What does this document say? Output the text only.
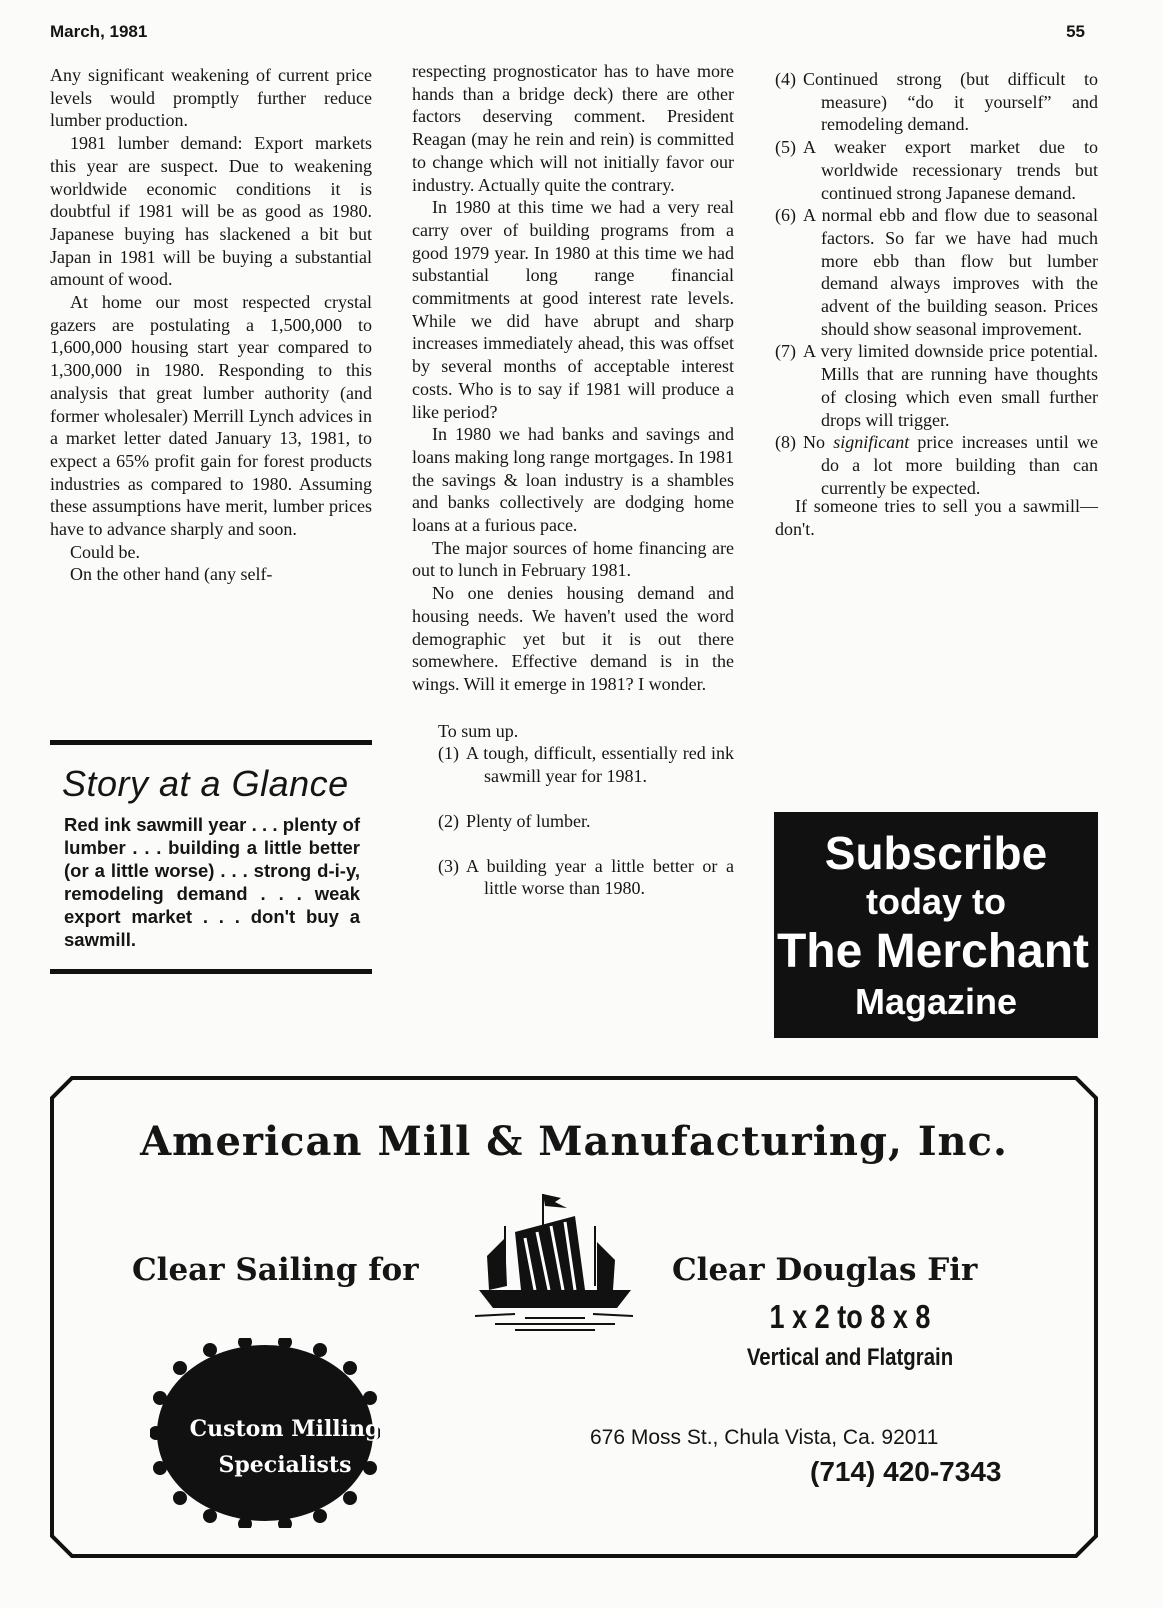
March, 1981	55

Any significant weakening of current price levels would promptly further reduce lumber production.

1981 lumber demand: Export markets this year are suspect. Due to weakening worldwide economic conditions it is doubtful if 1981 will be as good as 1980. Japanese buying has slackened a bit but Japan in 1981 will be buying a substantial amount of wood.

At home our most respected crystal gazers are postulating a 1,500,000 to 1,600,000 housing start year compared to 1,300,000 in 1980. Responding to this analysis that great lumber authority (and former wholesaler) Merrill Lynch advices in a market letter dated January 13, 1981, to expect a 65% profit gain for forest products industries as compared to 1980. Assuming these assumptions have merit, lumber prices have to advance sharply and soon.

Could be.

On the other hand (any self-

Story at a Glance
Red ink sawmill year . . . plenty of lumber . . . building a little better (or a little worse) . . . strong d-i-y, remodeling demand . . . weak export market . . . don't buy a sawmill.

respecting prognosticator has to have more hands than a bridge deck) there are other factors deserving comment. President Reagan (may he rein and rein) is committed to change which will not initially favor our industry. Actually quite the contrary.

In 1980 at this time we had a very real carry over of building programs from a good 1979 year. In 1980 at this time we had substantial long range financial commitments at good interest rate levels. While we did have abrupt and sharp increases immediately ahead, this was offset by several months of acceptable interest costs. Who is to say if 1981 will produce a like period?

In 1980 we had banks and savings and loans making long range mortgages. In 1981 the savings & loan industry is a shambles and banks collectively are dodging home loans at a furious pace.

The major sources of home financing are out to lunch in February 1981.

No one denies housing demand and housing needs. We haven't used the word demographic yet but it is out there somewhere. Effective demand is in the wings. Will it emerge in 1981? I wonder.

To sum up.

(1) A tough, difficult, essentially red ink sawmill year for 1981.

(2) Plenty of lumber.

(3) A building year a little better or a little worse than 1980.

(4) Continued strong (but difficult to measure) “do it yourself” and remodeling demand.

(5) A weaker export market due to worldwide recessionary trends but continued strong Japanese demand.

(6) A normal ebb and flow due to seasonal factors. So far we have had much more ebb than flow but lumber demand always improves with the advent of the building season. Prices should show seasonal improvement.

(7) A very limited downside price potential. Mills that are running have thoughts of closing which even small further drops will trigger.

(8) No significant price increases until we do a lot more building than can currently be expected.

If someone tries to sell you a sawmill—don't.

Subscribe
today to
The Merchant
Magazine
American Mill & Manufacturing, Inc.
Clear Sailing for	Clear Douglas Fir
1 x 2 to 8 x 8
Vertical and Flatgrain
Custom Milling
Specialists
676 Moss St., Chula Vista, Ca. 92011
(714) 420-7343
